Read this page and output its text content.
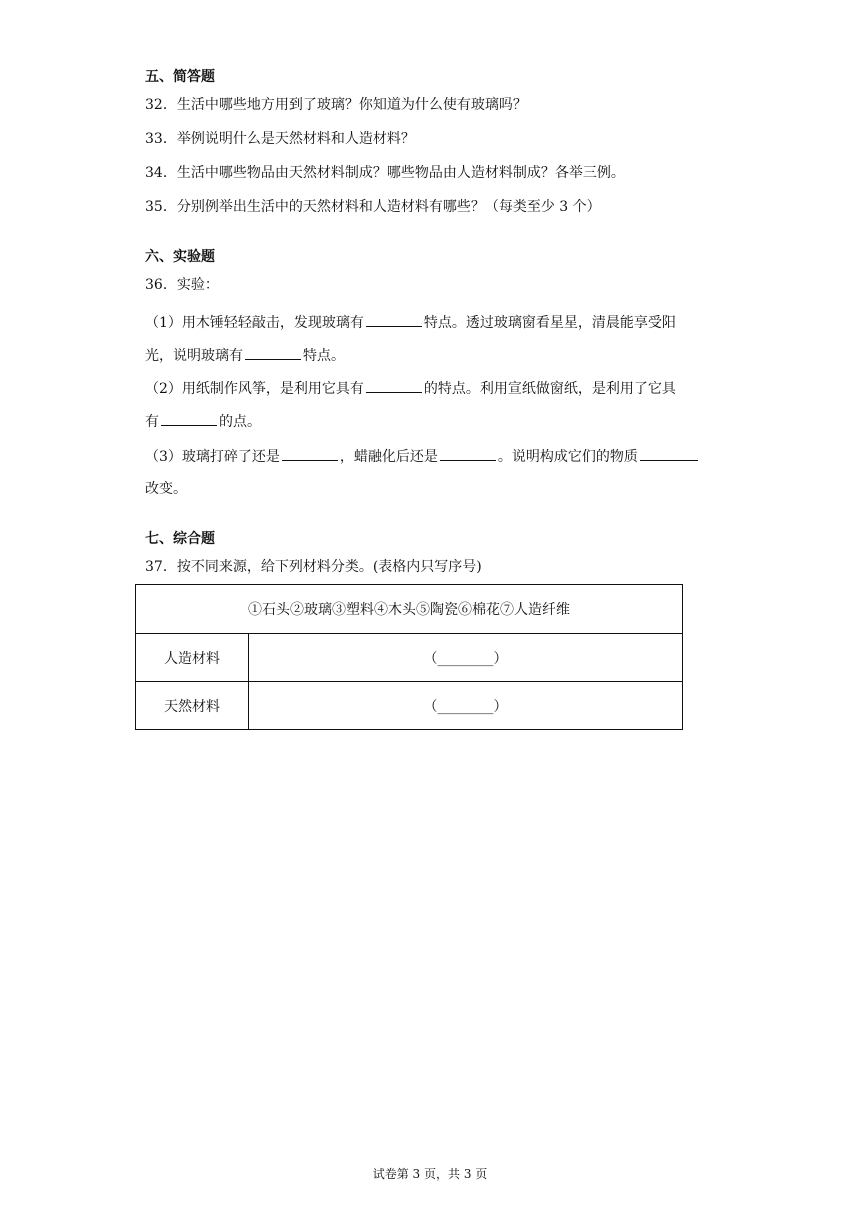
五、简答题
32．生活中哪些地方用到了玻璃？你知道为什么使有玻璃吗？
33．举例说明什么是天然材料和人造材料？
34．生活中哪些物品由天然材料制成？哪些物品由人造材料制成？各举三例。
35．分别例举出生活中的天然材料和人造材料有哪些？（每类至少 3 个）
六、实验题
36．实验：
（1）用木锤轻轻敲击，发现玻璃有	特点。透过玻璃窗看星星，清晨能享受阳
光，说明玻璃有	特点。
（2）用纸制作风筝，是利用它具有	的特点。利用宣纸做窗纸，是利用了它具
有	的点。
（3）玻璃打碎了还是	，蜡融化后还是	。说明构成它们的物质
改变。
七、综合题
37．按不同来源，给下列材料分类。(表格内只写序号)
①石头②玻璃③塑料④木头⑤陶瓷⑥棉花⑦人造纤维	
人造材料	（________）
天然材料	（________）
试卷第 3 页，共 3 页
